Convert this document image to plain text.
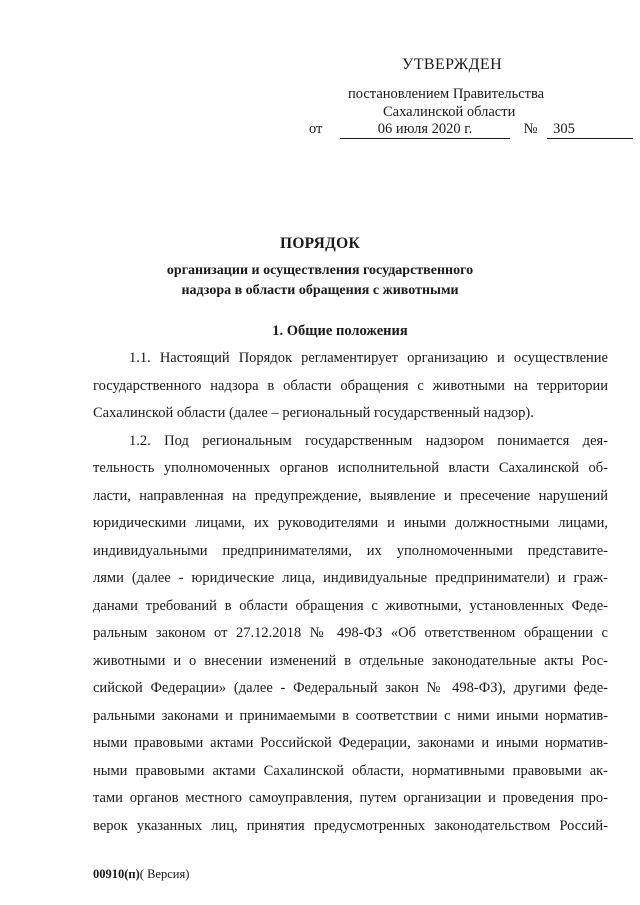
УТВЕРЖДЕН
постановлением Правительства
Сахалинской области
от	06 июля 2020 г.	№ 305
ПОРЯДОК
организации и осуществления государственного
надзора в области обращения с животными
1. Общие положения
1.1. Настоящий Порядок регламентирует организацию и осуществление
государственного надзора в области обращения с животными на территории
Сахалинской области (далее – региональный государственный надзор).
1.2. Под региональным государственным надзором понимается дея-
тельность уполномоченных органов исполнительной власти Сахалинской об-
ласти, направленная на предупреждение, выявление и пресечение нарушений
юридическими лицами, их руководителями и иными должностными лицами,
индивидуальными предпринимателями, их уполномоченными представите-
лями (далее - юридические лица, индивидуальные предприниматели) и граж-
данами требований в области обращения с животными, установленных Феде-
ральным законом от 27.12.2018 № 498-ФЗ «Об ответственном обращении с
животными и о внесении изменений в отдельные законодательные акты Рос-
сийской Федерации» (далее - Федеральный закон № 498-ФЗ), другими феде-
ральными законами и принимаемыми в соответствии с ними иными норматив-
ными правовыми актами Российской Федерации, законами и иными норматив-
ными правовыми актами Сахалинской области, нормативными правовыми ак-
тами органов местного самоуправления, путем организации и проведения про-
верок указанных лиц, принятия предусмотренных законодательством Россий-
00910(п)( Версия)
